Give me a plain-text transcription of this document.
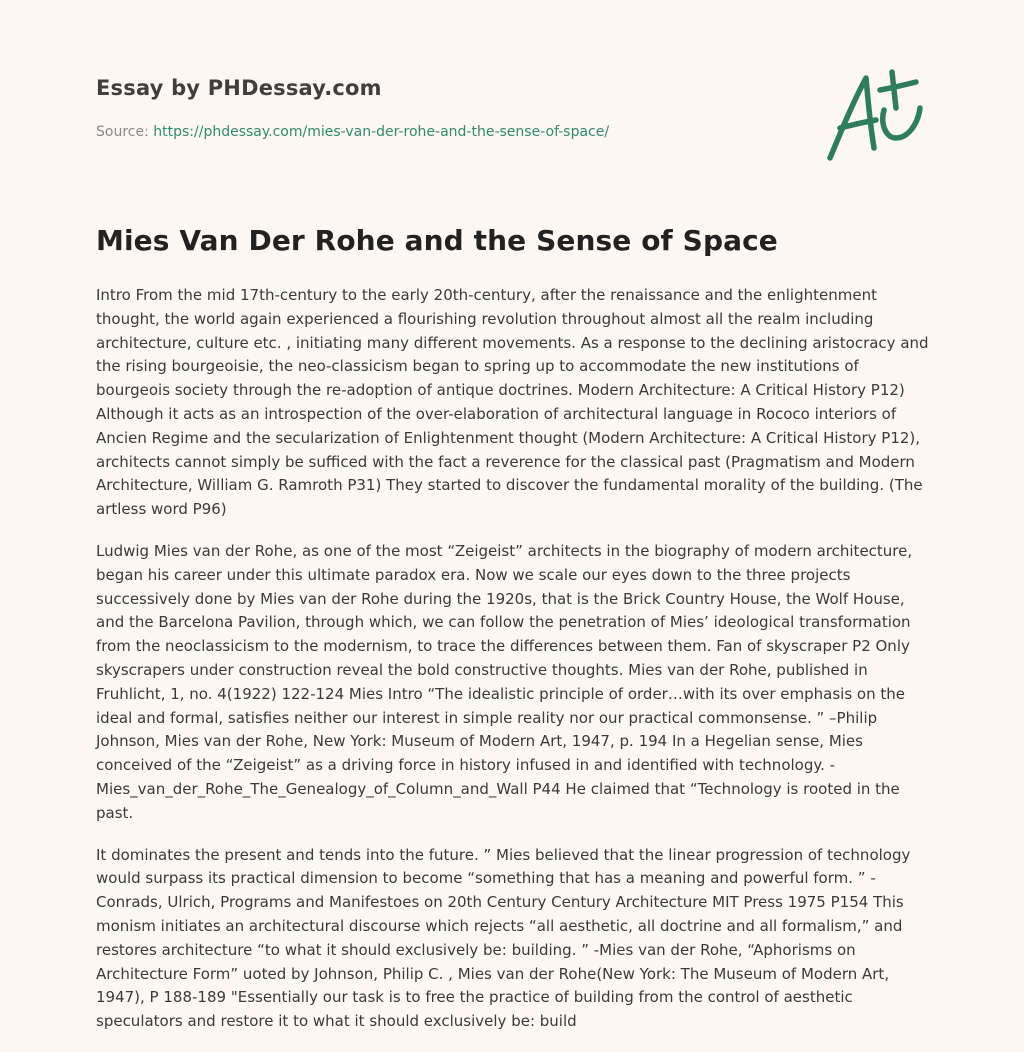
Essay by PHDessay.com
Source: https://phdessay.com/mies-van-der-rohe-and-the-sense-of-space/
Mies Van Der Rohe and the Sense of Space

Intro From the mid 17th-century to the early 20th-century, after the renaissance and the enlightenment thought, the world again experienced a flourishing revolution throughout almost all the realm including architecture, culture etc. , initiating many different movements. As a response to the declining aristocracy and the rising bourgeoisie, the neo-classicism began to spring up to accommodate the new institutions of bourgeois society through the re-adoption of antique doctrines. Modern Architecture: A Critical History P12) Although it acts as an introspection of the over-elaboration of architectural language in Rococo interiors of Ancien Regime and the secularization of Enlightenment thought (Modern Architecture: A Critical History P12), architects cannot simply be sufficed with the fact a reverence for the classical past (Pragmatism and Modern Architecture, William G. Ramroth P31) They started to discover the fundamental morality of the building. (The artless word P96)

Ludwig Mies van der Rohe, as one of the most “Zeigeist” architects in the biography of modern architecture, began his career under this ultimate paradox era. Now we scale our eyes down to the three projects successively done by Mies van der Rohe during the 1920s, that is the Brick Country House, the Wolf House, and the Barcelona Pavilion, through which, we can follow the penetration of Mies’ ideological transformation from the neoclassicism to the modernism, to trace the differences between them. Fan of skyscraper P2 Only skyscrapers under construction reveal the bold constructive thoughts. Mies van der Rohe, published in Fruhlicht, 1, no. 4(1922) 122-124 Mies Intro “The idealistic principle of order…with its over emphasis on the ideal and formal, satisfies neither our interest in simple reality nor our practical commonsense. ” –Philip Johnson, Mies van der Rohe, New York: Museum of Modern Art, 1947, p. 194 In a Hegelian sense, Mies conceived of the “Zeigeist” as a driving force in history infused in and identified with technology. -Mies_van_der_Rohe_The_Genealogy_of_Column_and_Wall P44 He claimed that “Technology is rooted in the past.

It dominates the present and tends into the future. ” Mies believed that the linear progression of technology would surpass its practical dimension to become “something that has a meaning and powerful form. ” - Conrads, Ulrich, Programs and Manifestoes on 20th Century Century Architecture MIT Press 1975 P154 This monism initiates an architectural discourse which rejects “all aesthetic, all doctrine and all formalism,” and restores architecture “to what it should exclusively be: building. ” -Mies van der Rohe, “Aphorisms on Architecture Form” uoted by Johnson, Philip C. , Mies van der Rohe(New York: The Museum of Modern Art, 1947), P 188-189 "Essentially our task is to free the practice of building from the control of aesthetic speculators and restore it to what it should exclusively be: build
